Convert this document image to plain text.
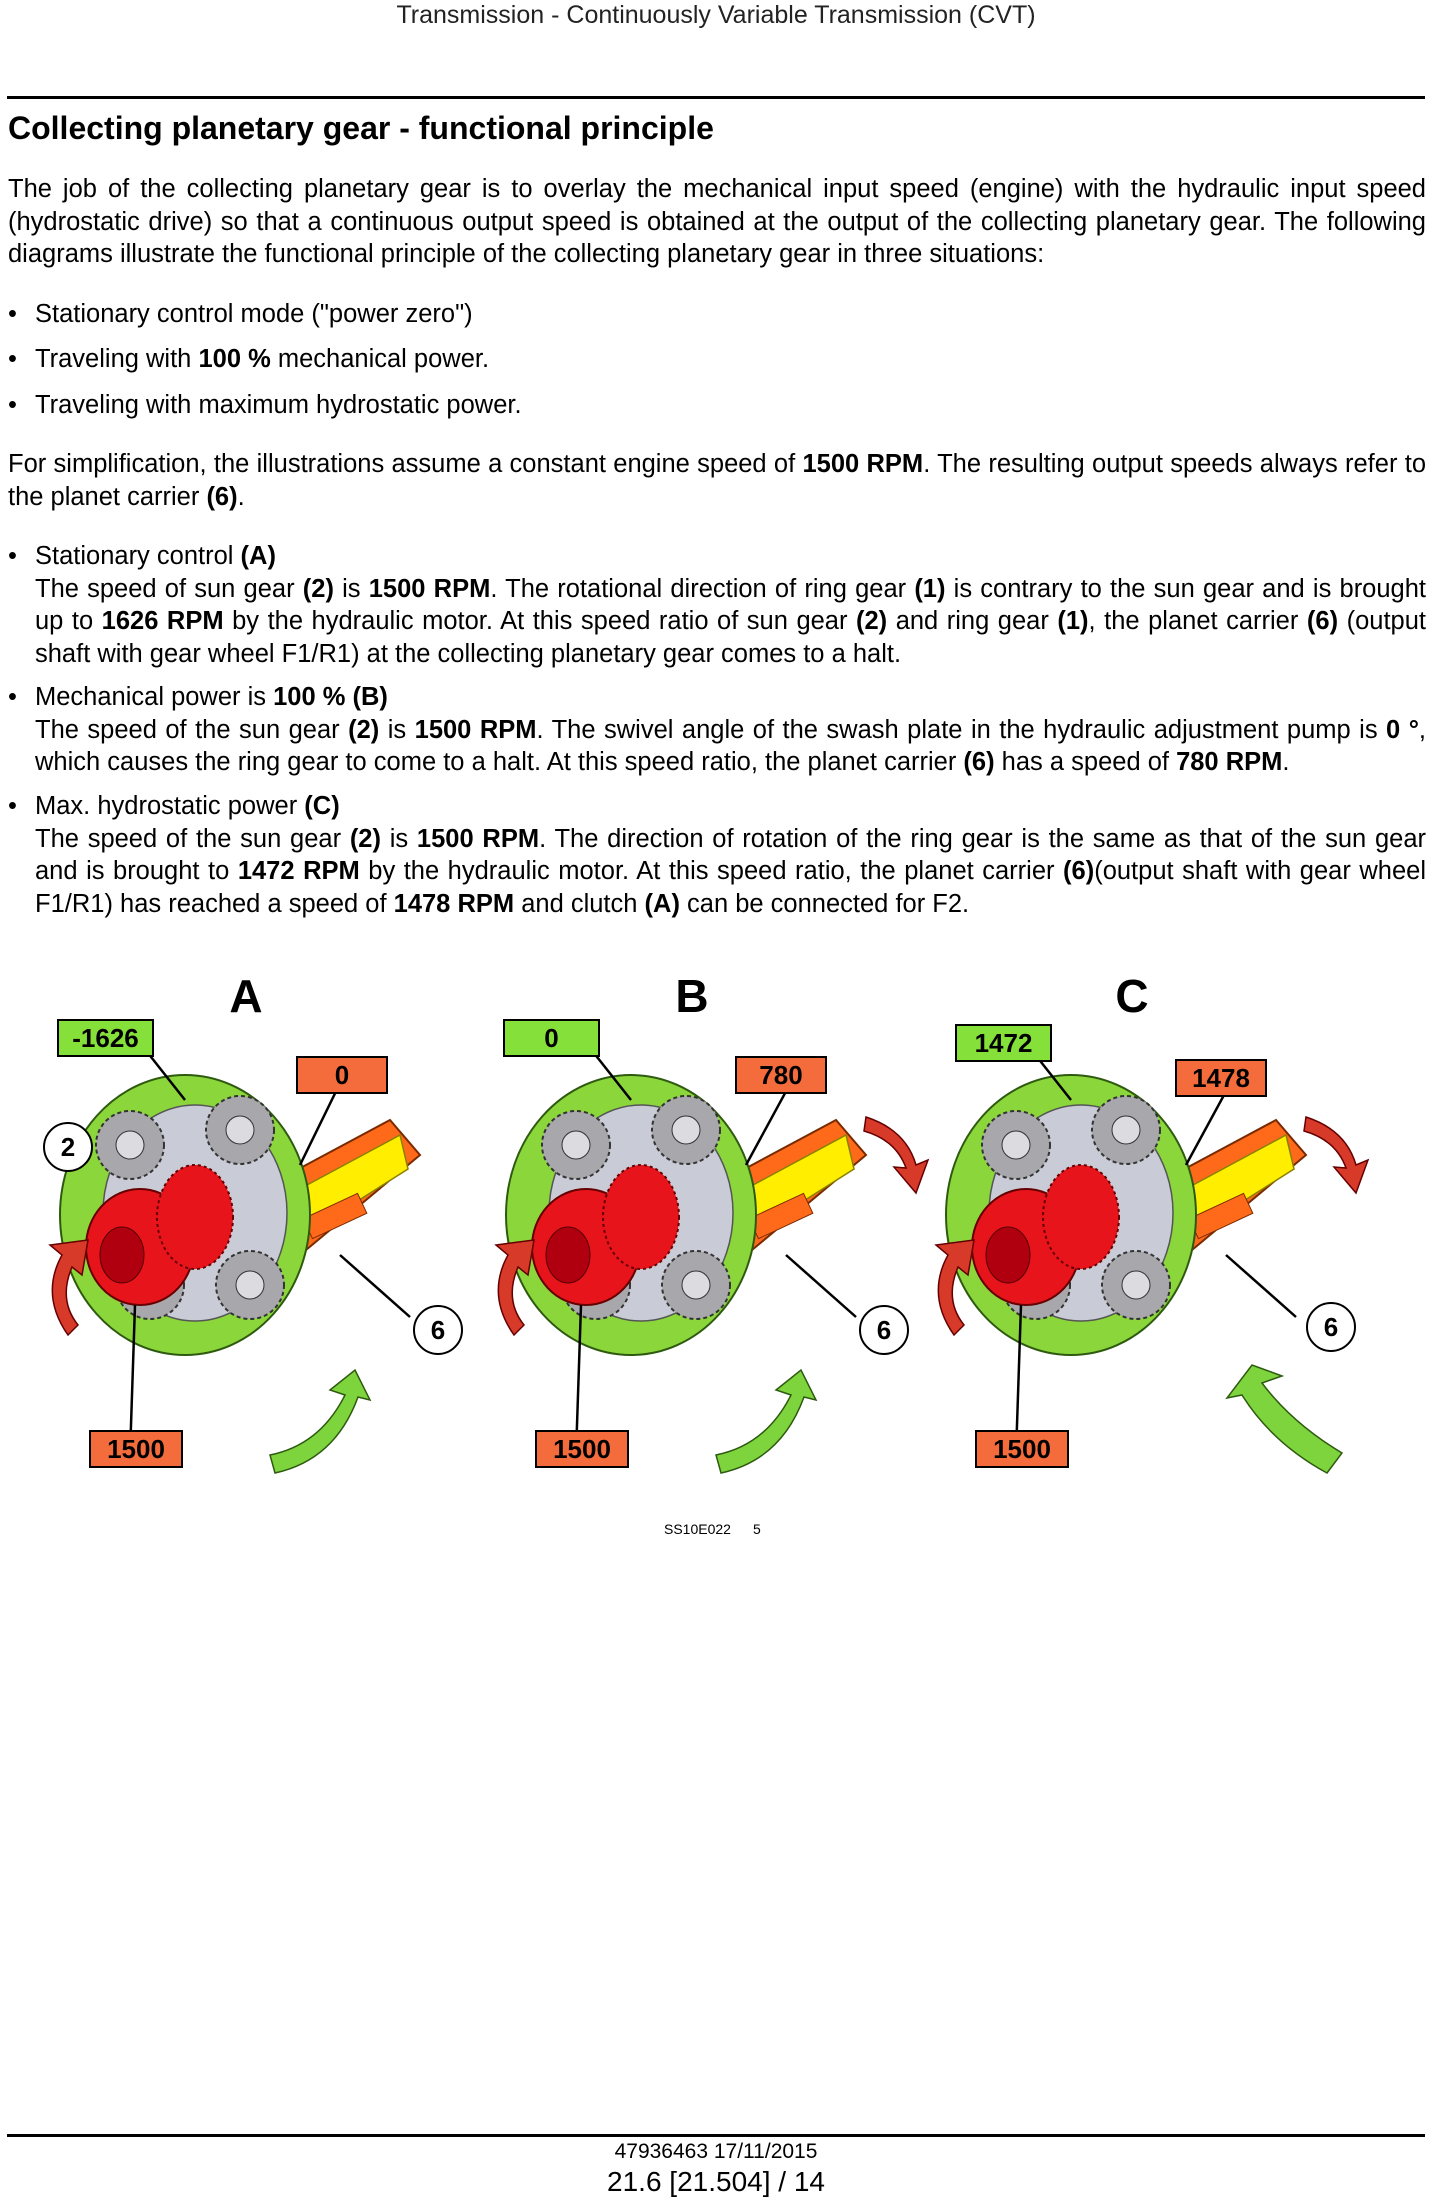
Transmission - Continuously Variable Transmission (CVT)
Collecting planetary gear - functional principle

The job of the collecting planetary gear is to overlay the mechanical input speed (engine) with the hydraulic input speed (hydrostatic drive) so that a continuous output speed is obtained at the output of the collecting planetary gear. The following diagrams illustrate the functional principle of the collecting planetary gear in three situations:

• Stationary control mode ("power zero")
• Traveling with 100 % mechanical power.
• Traveling with maximum hydrostatic power.

For simplification, the illustrations assume a constant engine speed of 1500 RPM. The resulting output speeds always refer to the planet carrier (6).

• Stationary control (A)
The speed of sun gear (2) is 1500 RPM. The rotational direction of ring gear (1) is contrary to the sun gear and is brought up to 1626 RPM by the hydraulic motor. At this speed ratio of sun gear (2) and ring gear (1), the planet carrier (6) (output shaft with gear wheel F1/R1) at the collecting planetary gear comes to a halt.
• Mechanical power is 100 % (B)
The speed of the sun gear (2) is 1500 RPM. The swivel angle of the swash plate in the hydraulic adjustment pump is 0 °, which causes the ring gear to come to a halt. At this speed ratio, the planet carrier (6) has a speed of 780 RPM.
• Max. hydrostatic power (C)
The speed of the sun gear (2) is 1500 RPM. The direction of rotation of the ring gear is the same as that of the sun gear and is brought to 1472 RPM by the hydraulic motor. At this speed ratio, the planet carrier (6)(output shaft with gear wheel F1/R1) has reached a speed of 1478 RPM and clutch (A) can be connected for F2.
A
-1626
0
1500
2
6
B
0
780
1500
6
C
1472
1478
1500
6
SS10E022 5
47936463 17/11/2015
21.6 [21.504] / 14
